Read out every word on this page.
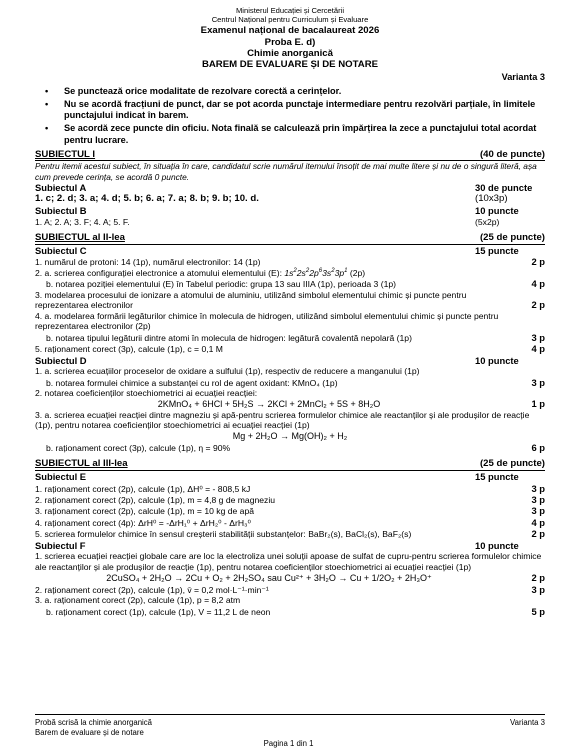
Ministerul Educației și Cercetării
Centrul Național pentru Curriculum și Evaluare
Examenul național de bacalaureat 2026
Proba E. d)
Chimie anorganică
BAREM DE EVALUARE ȘI DE NOTARE
Varianta 3
• Se punctează orice modalitate de rezolvare corectă a cerințelor.
• Nu se acordă fracțiuni de punct, dar se pot acorda punctaje intermediare pentru rezolvări parțiale, în limitele punctajului indicat în barem.
• Se acordă zece puncte din oficiu. Nota finală se calculează prin împărțirea la zece a punctajului total acordat pentru lucrare.
SUBIECTUL I	(40 de puncte)
Pentru itemii acestui subiect, în situația în care, candidatul scrie numărul itemului însoțit de mai multe litere și nu de o singură literă, așa cum prevede cerința, se acordă 0 puncte.
Subiectul A	30 de puncte
1. c; 2. d; 3. a; 4. d; 5. b; 6. a; 7. a; 8. b; 9. b; 10. d.	(10x3p)
Subiectul B	10 puncte
1. A; 2. A; 3. F; 4. A; 5. F.	(5x2p)
SUBIECTUL al II-lea	(25 de puncte)
Subiectul C	15 puncte
1. numărul de protoni: 14 (1p), numărul electronilor: 14 (1p)	2 p
2. a. scrierea configurației electronice a atomului elementului (E): $1s^22s^22p^63s^23p^1$ (2p)
b. notarea poziției elementului (E) în Tabelul periodic: grupa 13 sau IIIA (1p), perioada 3 (1p)	4 p
3. modelarea procesului de ionizare a atomului de aluminiu, utilizând simbolul elementului chimic și puncte pentru reprezentarea electronilor	2 p
4. a. modelarea formării legăturilor chimice în molecula de hidrogen, utilizând simbolul elementului chimic și puncte pentru reprezentarea electronilor (2p)
b. notarea tipului legăturii dintre atomi în molecula de hidrogen: legătură covalentă nepolară (1p)	3 p
5. raționament corect (3p), calcule (1p), c = 0,1 M	4 p
Subiectul D	10 puncte
1. a. scrierea ecuațiilor proceselor de oxidare a sulfului (1p), respectiv de reducere a manganului (1p)
b. notarea formulei chimice a substanței cu rol de agent oxidant: KMnO₄ (1p)	3 p
2. notarea coeficienților stoechiometrici ai ecuației reacției:
2KMnO₄ + 6HCl + 5H₂S → 2KCl + 2MnCl₂ + 5S + 8H₂O	1 p
3. a. scrierea ecuației reacției dintre magneziu și apă-pentru scrierea formulelor chimice ale reactanților și ale produșilor de reacție (1p), pentru notarea coeficienților stoechiometrici ai ecuației reacției (1p)
Mg + 2H₂O → Mg(OH)₂ + H₂
b. raționament corect (3p), calcule (1p), η = 90%	6 p
SUBIECTUL al III-lea	(25 de puncte)
Subiectul E	15 puncte
1. raționament corect (2p), calcule (1p), ΔH⁰ = - 808,5 kJ	3 p
2. raționament corect (2p), calcule (1p), m = 4,8 g de magneziu	3 p
3. raționament corect (2p), calcule (1p), m = 10 kg de apă	3 p
4. raționament corect (4p): ΔrH⁰ = -ΔrH₁⁰ + ΔrH₂⁰ - ΔrH₃⁰	4 p
5. scrierea formulelor chimice în sensul creșterii stabilității substanțelor: BaBr₂(s), BaCl₂(s), BaF₂(s)	2 p
Subiectul F	10 puncte
1. scrierea ecuației reacției globale care are loc la electroliza unei soluții apoase de sulfat de cupru-pentru scrierea formulelor chimice ale reactanților și ale produșilor de reacție (1p), pentru notarea coeficienților stoechiometrici ai ecuației reacției (1p)
2CuSO₄ + 2H₂O → 2Cu + O₂ + 2H₂SO₄ sau Cu²⁺ + 3H₂O → Cu + 1/2O₂ + 2H₃O⁺	2 p
2. raționament corect (2p), calcule (1p), v̄ = 0,2 mol·L⁻¹·min⁻¹	3 p
3. a. raționament corect (2p), calcule (1p), p = 8,2 atm
b. raționament corect (1p), calcule (1p), V = 11,2 L de neon	5 p
Probă scrisă la chimie anorganică	Varianta 3
Barem de evaluare și de notare
Pagina 1 din 1
